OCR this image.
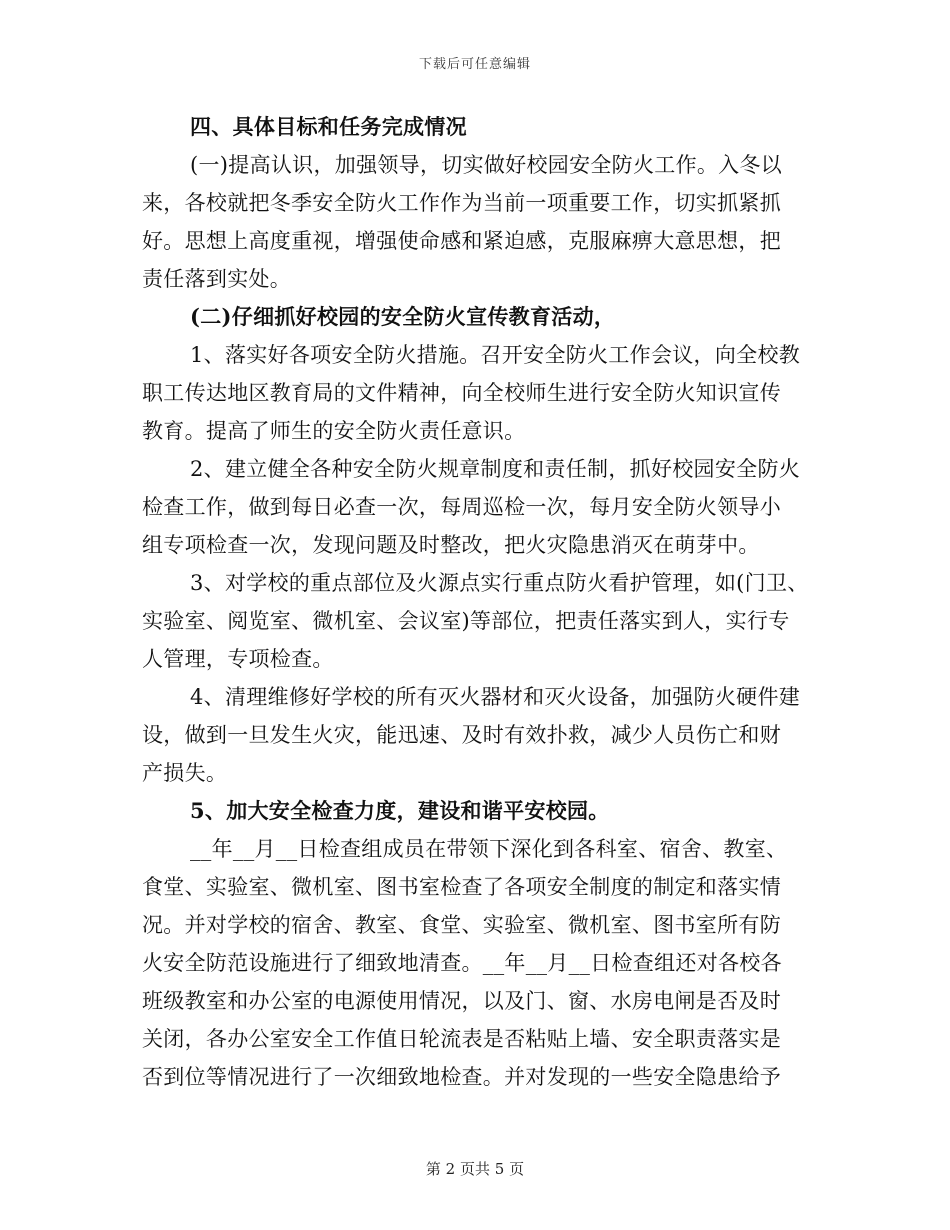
下载后可任意编辑
四、具体目标和任务完成情况
(一)提高认识，加强领导，切实做好校园安全防火工作。入冬以
来，各校就把冬季安全防火工作作为当前一项重要工作，切实抓紧抓
好。思想上高度重视，增强使命感和紧迫感，克服麻痹大意思想，把
责任落到实处。
(二)仔细抓好校园的安全防火宣传教育活动，
1、落实好各项安全防火措施。召开安全防火工作会议，向全校教
职工传达地区教育局的文件精神，向全校师生进行安全防火知识宣传
教育。提高了师生的安全防火责任意识。
2、建立健全各种安全防火规章制度和责任制，抓好校园安全防火
检查工作，做到每日必查一次，每周巡检一次，每月安全防火领导小
组专项检查一次，发现问题及时整改，把火灾隐患消灭在萌芽中。
3、对学校的重点部位及火源点实行重点防火看护管理，如(门卫、
实验室、阅览室、微机室、会议室)等部位，把责任落实到人，实行专
人管理，专项检查。
4、清理维修好学校的所有灭火器材和灭火设备，加强防火硬件建
设，做到一旦发生火灾，能迅速、及时有效扑救，减少人员伤亡和财
产损失。
5、加大安全检查力度，建设和谐平安校园。
__年__月__日检查组成员在带领下深化到各科室、宿舍、教室、
食堂、实验室、微机室、图书室检查了各项安全制度的制定和落实情
况。并对学校的宿舍、教室、食堂、实验室、微机室、图书室所有防
火安全防范设施进行了细致地清查。__年__月__日检查组还对各校各
班级教室和办公室的电源使用情况，以及门、窗、水房电闸是否及时
关闭，各办公室安全工作值日轮流表是否粘贴上墙、安全职责落实是
否到位等情况进行了一次细致地检查。并对发现的一些安全隐患给予
第 2 页共 5 页
